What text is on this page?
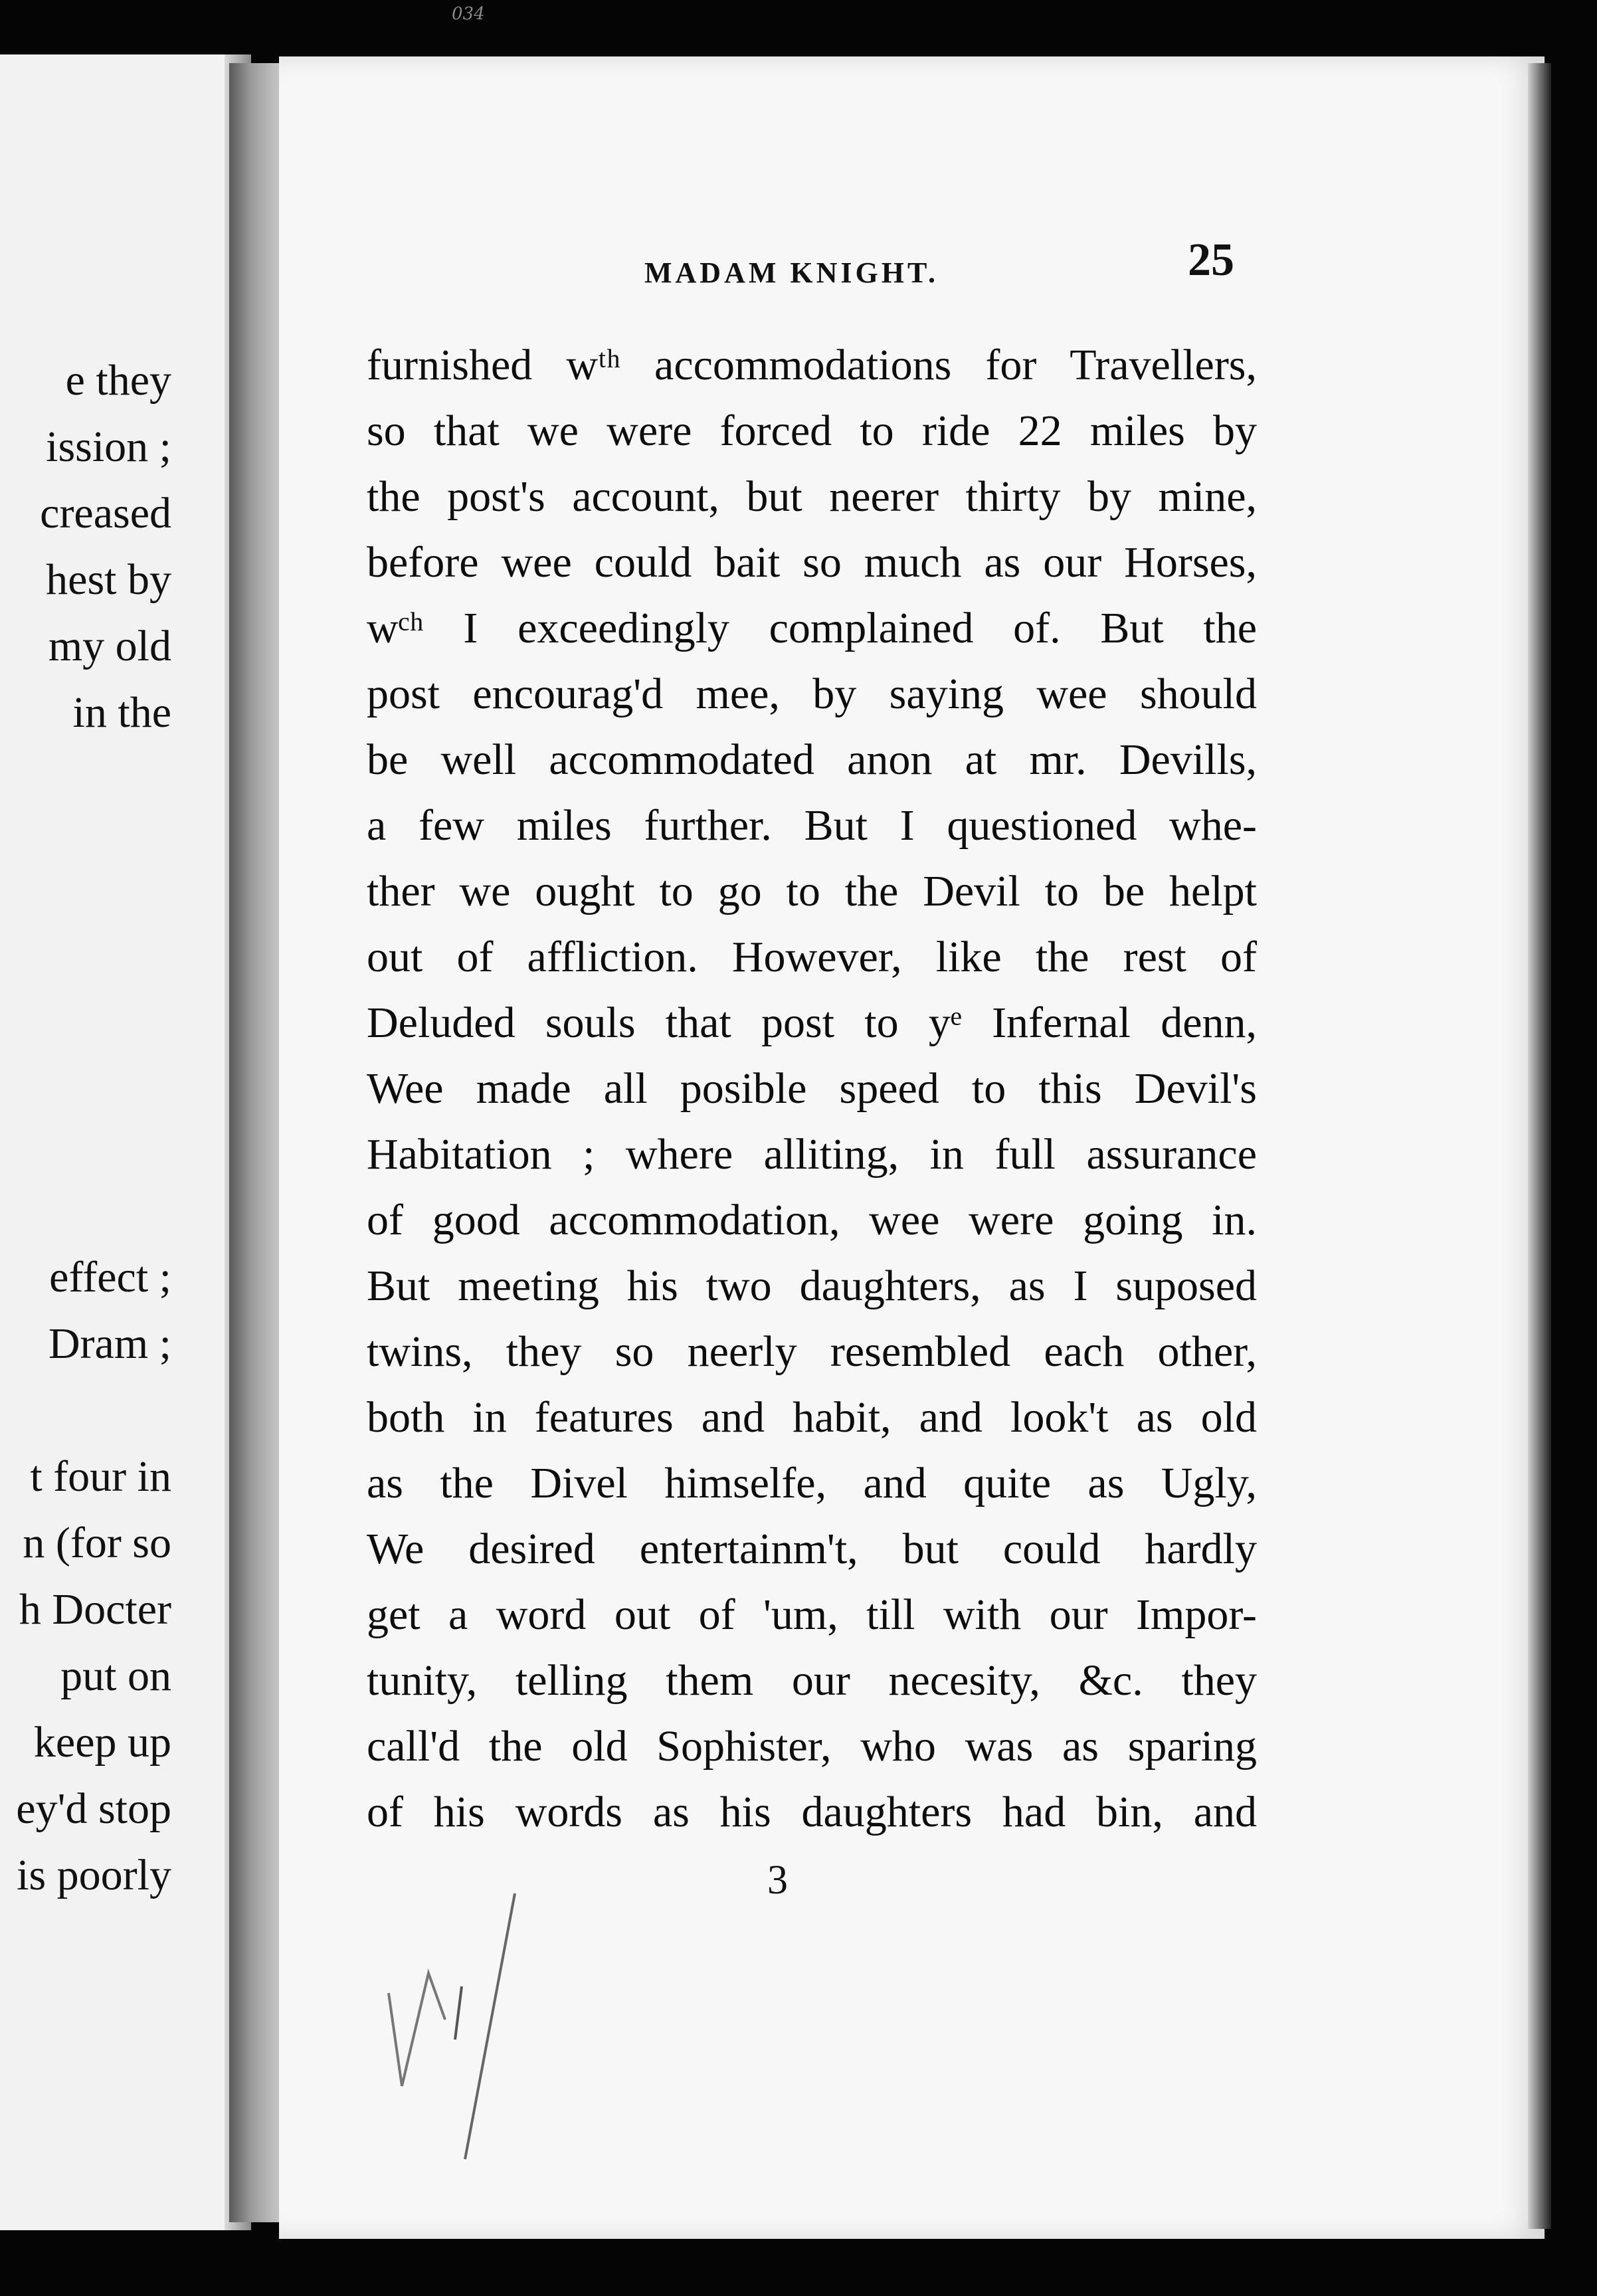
034
e they
ission ;
creased
hest by
my old
in the
effect ;
Dram ;
t four in
n (for so
h Docter
put on
keep up
ey'd stop
is poorly
MADAM KNIGHT.	25
furnished wᵗʰ accommodations for Travellers,
so that we were forced to ride 22 miles by
the post's account, but neerer thirty by mine,
before wee could bait so much as our Horses,
wᶜʰ I exceedingly complained of. But the
post encourag'd mee, by saying wee should
be well accommodated anon at mr. Devills,
a few miles further. But I questioned whe-
ther we ought to go to the Devil to be helpt
out of affliction. However, like the rest of
Deluded souls that post to yᵉ Infernal denn,
Wee made all posible speed to this Devil's
Habitation ; where alliting, in full assurance
of good accommodation, wee were going in.
But meeting his two daughters, as I suposed
twins, they so neerly resembled each other,
both in features and habit, and look't as old
as the Divel himselfe, and quite as Ugly,
We desired entertainm't, but could hardly
get a word out of 'um, till with our Impor-
tunity, telling them our necesity, &c. they
call'd the old Sophister, who was as sparing
of his words as his daughters had bin, and
3
